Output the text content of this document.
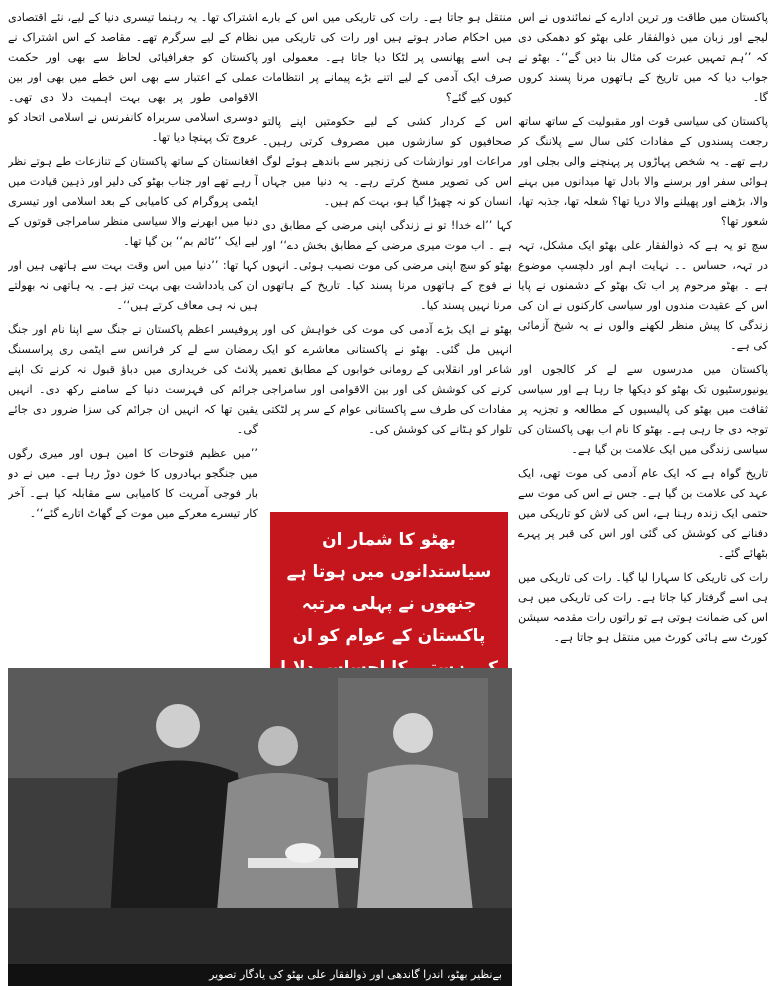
پاکستان میں طاقت ور ترین ادارے کے نمائندوں نے اس لیجے اور زبان میں ذوالفقار علی بھٹو کو دھمکی دی کہ ’’ہم تمہیں عبرت کی مثال بنا دیں گے‘‘۔ بھٹو نے جواب دیا کہ میں تاریخ کے ہاتھوں مرنا پسند کروں گا۔

پاکستان کی سیاسی قوت اور مقبولیت کے ساتھ ساتھ رجعت پسندوں کے مفادات کئی سال سے پلاننگ کر رہے تھے۔ یہ شخص پہاڑوں پر پہنچنے والی بجلی اور ہوائی سفر اور برسنے والا بادل تھا میدانوں میں بہنے والا، بڑھنے اور پھیلنے والا دریا تھا؟ شعلہ تھا، جذبہ تھا، شعور تھا؟

سچ تو یہ ہے کہ ذوالفقار علی بھٹو ایک مشکل، تہہ در تہہ، حساس ۔۔ نہایت اہم اور دلچسپ موضوع ہے ۔ بھٹو مرحوم پر اب تک بھٹو کے دشمنوں نے پایا اس کے عقیدت مندوں اور سیاسی کارکنوں نے ان کی زندگی کا پیش منظر لکھنے والوں نے یہ شیخ آزمائی کی ہے۔

پاکستان میں مدرسوں سے لے کر کالجوں اور یونیورسٹیوں تک بھٹو کو دیکھا جا رہا ہے اور سیاسی ثقافت میں بھٹو کی پالیسیوں کے مطالعہ و تجزیہ پر توجہ دی جا رہی ہے۔ بھٹو کا نام اب بھی پاکستان کی سیاسی زندگی میں ایک علامت بن گیا ہے۔

تاریخ گواہ ہے کہ ایک عام آدمی کی موت تھی، ایک عہد کی علامت بن گیا ہے۔ جس نے اس کی موت سے حتمی ایک زندہ رہنا ہے، اس کی لاش کو تاریکی میں دفنانے کی کوشش کی گئی اور اس کی قبر پر پہرے بٹھائے گئے۔

رات کی تاریکی کا سہارا لیا گیا۔ رات کی تاریکی میں ہی اسے گرفتار کیا جاتا ہے۔ رات کی تاریکی میں ہی اس کی ضمانت ہوتی ہے تو راتوں رات مقدمہ سیشن کورٹ سے ہائی کورٹ میں منتقل ہو جاتا ہے۔

منتقل ہو جاتا ہے۔ رات کی تاریکی میں اس کے بارے میں احکام صادر ہوتے ہیں اور رات کی تاریکی میں ہی اسے پھانسی پر لٹکا دیا جاتا ہے۔ معمولی اور صرف ایک آدمی کے لیے اتنے بڑے پیمانے پر انتظامات کیوں کیے گئے؟

اس کے کردار کشی کے لیے حکومتیں اپنے پالتو صحافیوں کو سازشوں میں مصروف کرتی رہیں۔ مراعات اور نوازشات کی زنجیر سے باندھے ہوئے لوگ اس کی تصویر مسخ کرتے رہے۔ یہ دنیا میں جہاں انسان کو نہ چھیڑا گیا ہو، بہت کم ہیں۔

کہا ’’اے خدا! تو نے زندگی اپنی مرضی کے مطابق دی ہے ۔ اب موت میری مرضی کے مطابق بخش دے‘‘ اور بھٹو کو سچ اپنی مرضی کی موت نصیب ہوئی۔ انہوں نے فوج کے ہاتھوں مرنا پسند کیا۔ تاریخ کے ہاتھوں مرنا نہیں پسند کیا۔

بھٹو نے ایک بڑے آدمی کی موت کی خواہش کی اور انہیں مل گئی۔ بھٹو نے پاکستانی معاشرے کو ایک شاعر اور انقلابی کے رومانی خوابوں کے مطابق تعمیر کرنے کی کوشش کی اور بین الاقوامی اور سامراجی مفادات کی طرف سے پاکستانی عوام کے سر پر لٹکتی تلوار کو ہٹانے کی کوشش کی۔

اشتراک تھا۔ یہ رہنما تیسری دنیا کے لیے، نئے اقتصادی نظام کے لیے سرگرم تھے۔ مقاصد کے اس اشتراک نے پاکستان کو جغرافیائی لحاظ سے بھی اور حکمت عملی کے اعتبار سے بھی اس خطے میں بھی اور بین الاقوامی طور پر بھی بہت اہمیت دلا دی تھی۔ دوسری اسلامی سربراہ کانفرنس نے اسلامی اتحاد کو عروج تک پہنچا دیا تھا۔

افغانستان کے ساتھ پاکستان کے تنازعات طے ہوتے نظر آ رہے تھے اور جناب بھٹو کی دلیر اور ذہین قیادت میں ایٹمی پروگرام کی کامیابی کے بعد اسلامی اور تیسری دنیا میں ابھرنے والا سیاسی منظر سامراجی قوتوں کے لیے ایک ’’ٹائم بم‘‘ بن گیا تھا۔

کہا تھا: ’’دنیا میں اس وقت بہت سے ہاتھی ہیں اور ان کی یادداشت بھی بہت تیز ہے۔ یہ ہاتھی نہ بھولتے ہیں نہ ہی معاف کرتے ہیں‘‘۔

پروفیسر اعظم پاکستان نے جنگ سے اپنا نام اور جنگ رمضان سے لے کر فرانس سے ایٹمی ری پراسسنگ پلانٹ کی خریداری میں دباؤ قبول نہ کرنے تک اپنے جرائم کی فہرست دنیا کے سامنے رکھ دی۔ انہیں یقین تھا کہ انہیں ان جرائم کی سزا ضرور دی جائے گی۔

’’میں عظیم فتوحات کا امین ہوں اور میری رگوں میں جنگجو بہادروں کا خون دوڑ رہا ہے۔ میں نے دو بار فوجی آمریت کا کامیابی سے مقابلہ کیا ہے۔ آخر کار تیسرے معرکے میں موت کے گھاٹ اتارے گئے‘‘۔

بھٹو کا شمار ان سیاستدانوں میں ہوتا ہے جنھوں نے پہلی مرتبہ پاکستان کے عوام کو ان
بےنظیر بھٹو، اندرا گاندھی اور ذوالفقار علی بھٹو کی یادگار تصویر
